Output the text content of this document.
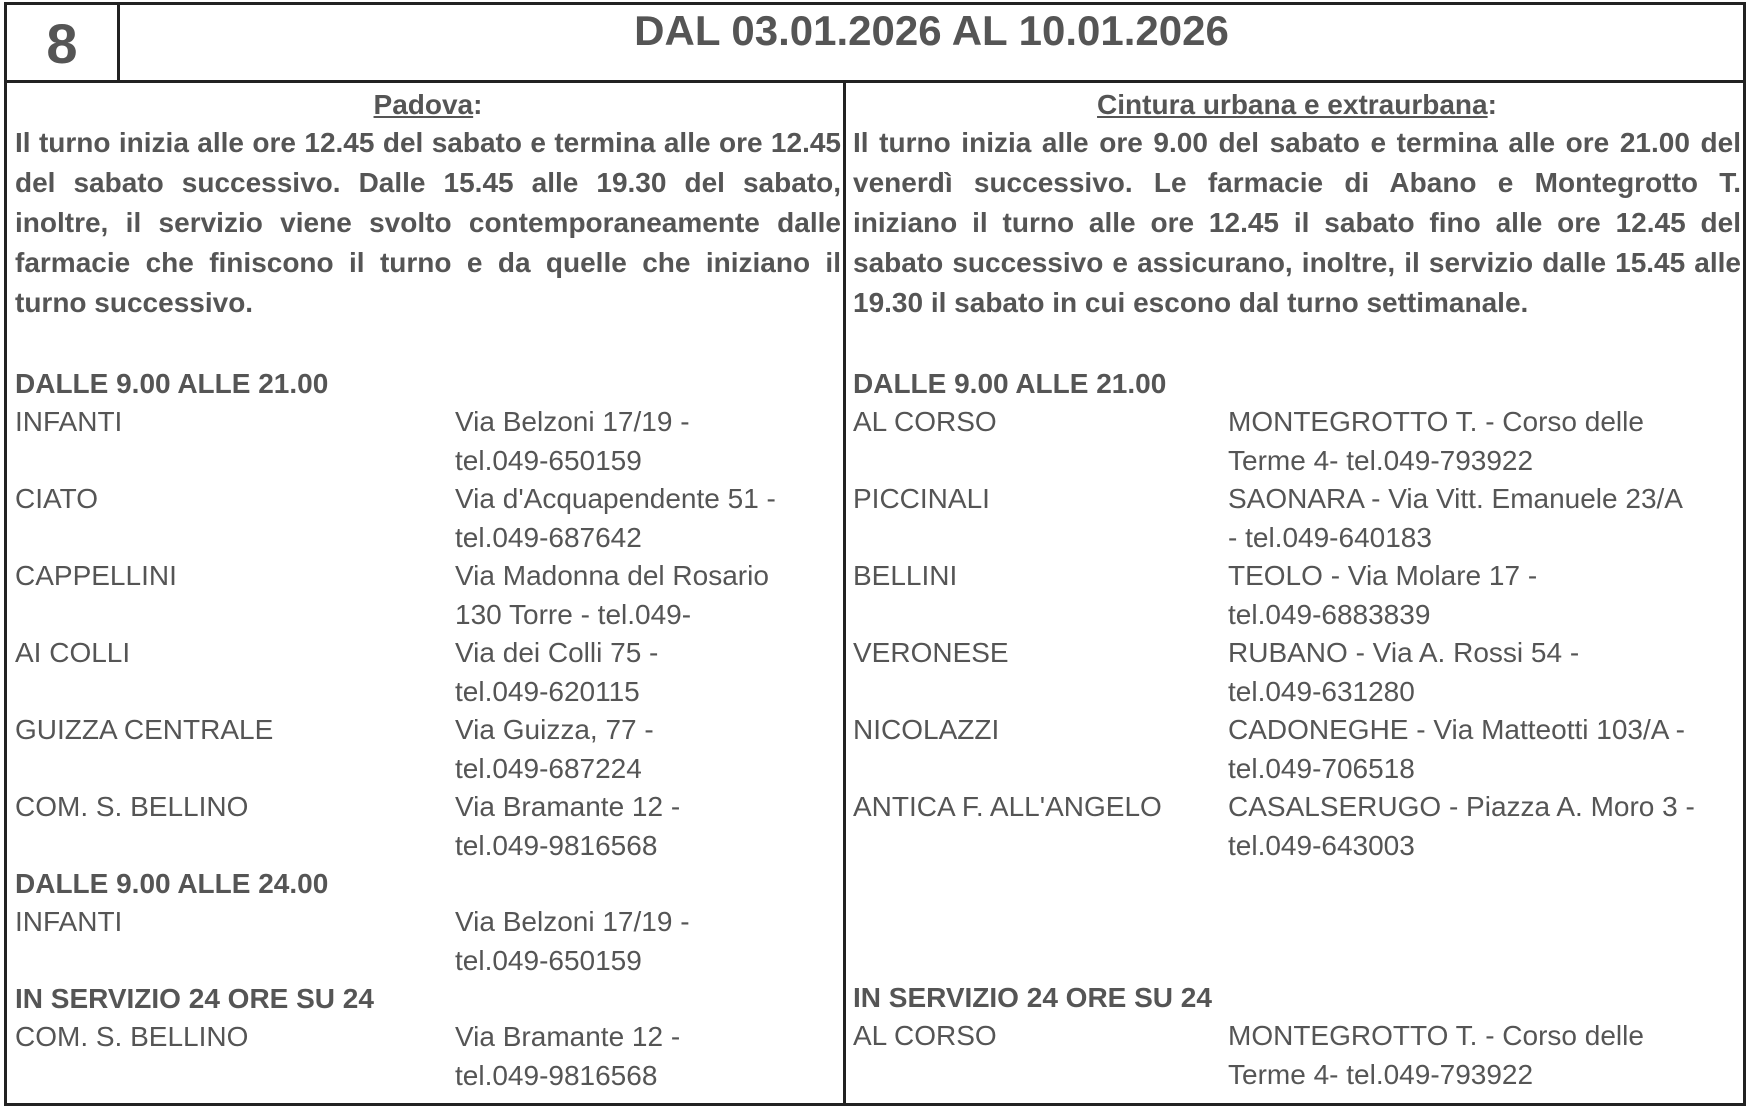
8	DAL 03.01.2026 AL 10.01.2026
Padova:

Il turno inizia alle ore 12.45 del sabato e termina alle ore 12.45 del sabato successivo. Dalle 15.45 alle 19.30 del sabato, inoltre, il servizio viene svolto contemporaneamente dalle farmacie che finiscono il turno e da quelle che iniziano il turno successivo.

DALLE 9.00 ALLE 21.00
INFANTI	Via Belzoni 17/19 -
tel.049-650159
CIATO	Via d'Acquapendente 51 -
tel.049-687642
CAPPELLINI	Via Madonna del Rosario
130 Torre - tel.049-
AI COLLI	Via dei Colli 75 -
tel.049-620115
GUIZZA CENTRALE	Via Guizza, 77 -
tel.049-687224
COM. S. BELLINO	Via Bramante 12 -
tel.049-9816568
DALLE 9.00 ALLE 24.00
INFANTI	Via Belzoni 17/19 -
tel.049-650159
IN SERVIZIO 24 ORE SU 24
COM. S. BELLINO	Via Bramante 12 -
tel.049-9816568
Cintura urbana e extraurbana:

Il turno inizia alle ore 9.00 del sabato e termina alle ore 21.00 del venerdì successivo. Le farmacie di Abano e Montegrotto T. iniziano il turno alle ore 12.45 il sabato fino alle ore 12.45 del sabato successivo e assicurano, inoltre, il servizio dalle 15.45 alle 19.30 il sabato in cui escono dal turno settimanale.

DALLE 9.00 ALLE 21.00
AL CORSO	MONTEGROTTO T. - Corso delle
Terme 4- tel.049-793922
PICCINALI	SAONARA - Via Vitt. Emanuele 23/A
- tel.049-640183
BELLINI	TEOLO - Via Molare 17 -
tel.049-6883839
VERONESE	RUBANO - Via A. Rossi 54 -
tel.049-631280
NICOLAZZI	CADONEGHE - Via Matteotti 103/A -
tel.049-706518
ANTICA F. ALL'ANGELO	CASALSERUGO - Piazza A. Moro 3 -
tel.049-643003
IN SERVIZIO 24 ORE SU 24
AL CORSO	MONTEGROTTO T. - Corso delle
Terme 4- tel.049-793922
